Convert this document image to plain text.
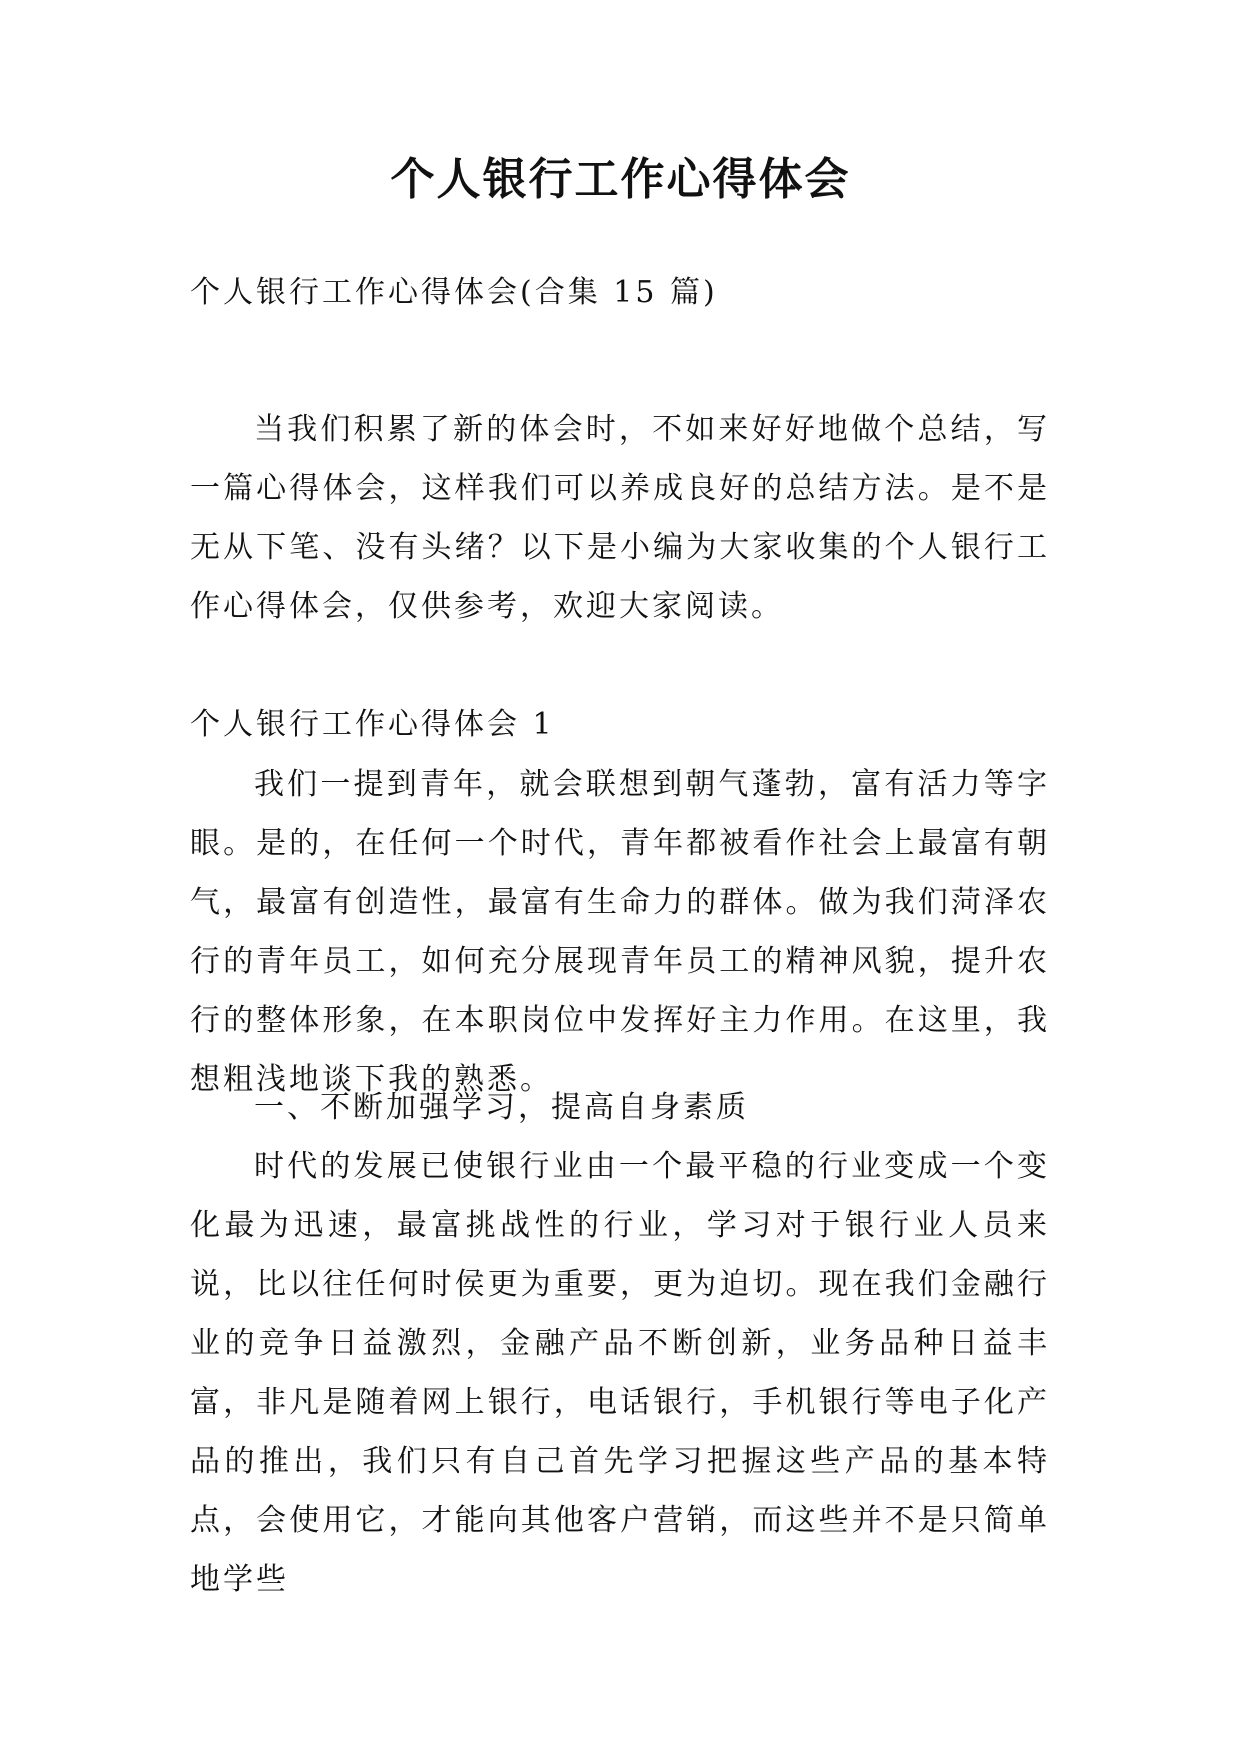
个人银行工作心得体会

个人银行工作心得体会(合集 15 篇)

当我们积累了新的体会时，不如来好好地做个总结，写一篇心得体会，这样我们可以养成良好的总结方法。是不是无从下笔、没有头绪？以下是小编为大家收集的个人银行工作心得体会，仅供参考，欢迎大家阅读。

个人银行工作心得体会 1

我们一提到青年，就会联想到朝气蓬勃，富有活力等字眼。是的，在任何一个时代，青年都被看作社会上最富有朝气，最富有创造性，最富有生命力的群体。做为我们菏泽农行的青年员工，如何充分展现青年员工的精神风貌，提升农行的整体形象，在本职岗位中发挥好主力作用。在这里，我想粗浅地谈下我的熟悉。

一、不断加强学习，提高自身素质

时代的发展已使银行业由一个最平稳的行业变成一个变化最为迅速，最富挑战性的行业，学习对于银行业人员来说，比以往任何时侯更为重要，更为迫切。现在我们金融行业的竞争日益激烈，金融产品不断创新，业务品种日益丰富，非凡是随着网上银行，电话银行，手机银行等电子化产品的推出，我们只有自己首先学习把握这些产品的基本特点，会使用它，才能向其他客户营销，而这些并不是只简单地学些
